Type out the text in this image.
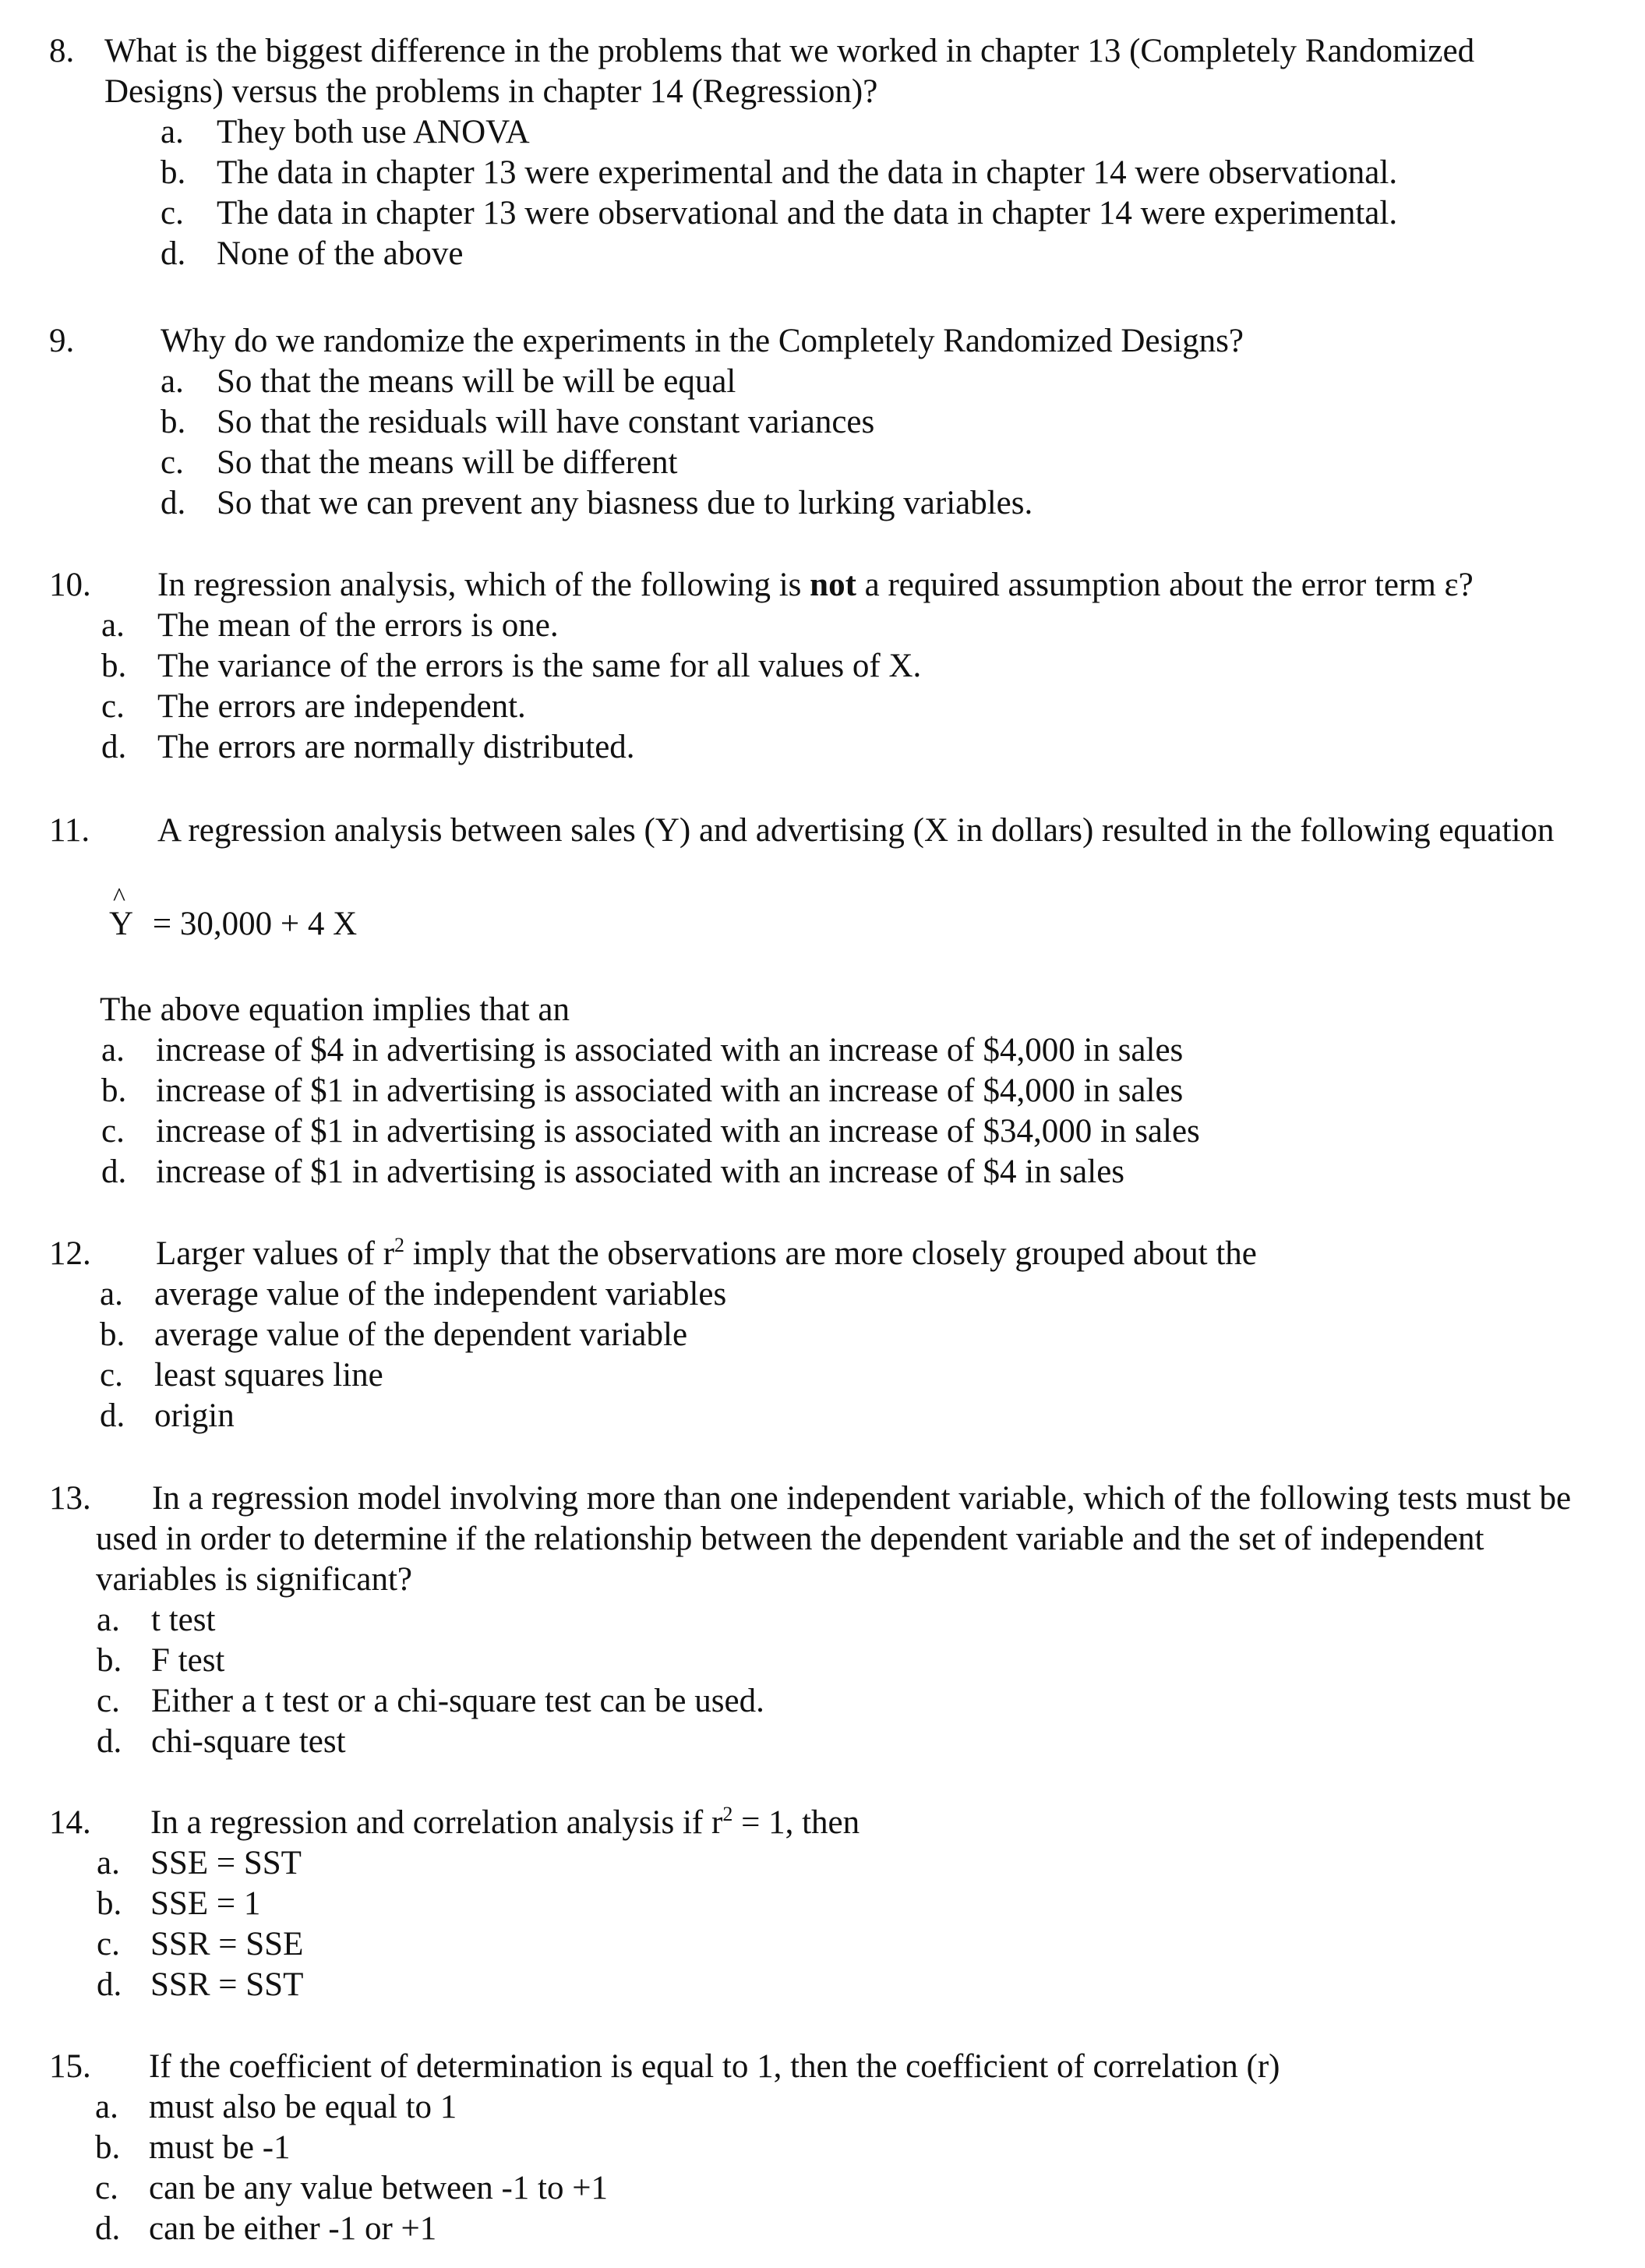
8. What is the biggest difference in the problems that we worked in chapter 13 (Completely Randomized
Designs) versus the problems in chapter 14 (Regression)?
a. They both use ANOVA
b. The data in chapter 13 were experimental and the data in chapter 14 were observational.
c. The data in chapter 13 were observational and the data in chapter 14 were experimental.
d. None of the above
9.	Why do we randomize the experiments in the Completely Randomized Designs?
a. So that the means will be will be equal
b. So that the residuals will have constant variances
c. So that the means will be different
d. So that we can prevent any biasness due to lurking variables.
10. In regression analysis, which of the following is not a required assumption about the error term ε?
a. The mean of the errors is one.
b. The variance of the errors is the same for all values of X.
c. The errors are independent.
d. The errors are normally distributed.
11. A regression analysis between sales (Y) and advertising (X in dollars) resulted in the following equation
^
Y = 30,000 + 4 X
The above equation implies that an
a. increase of $4 in advertising is associated with an increase of $4,000 in sales
b. increase of $1 in advertising is associated with an increase of $4,000 in sales
c. increase of $1 in advertising is associated with an increase of $34,000 in sales
d. increase of $1 in advertising is associated with an increase of $4 in sales
12. Larger values of $r^2$ imply that the observations are more closely grouped about the
a. average value of the independent variables
b. average value of the dependent variable
c. least squares line
d. origin
13. In a regression model involving more than one independent variable, which of the following tests must be
used in order to determine if the relationship between the dependent variable and the set of independent
variables is significant?
a. t test
b. F test
c. Either a t test or a chi-square test can be used.
d. chi-square test
14. In a regression and correlation analysis if $r^2 = 1$, then
a. SSE = SST
b. SSE = 1
c. SSR = SSE
d. SSR = SST
15. If the coefficient of determination is equal to 1, then the coefficient of correlation (r)
a. must also be equal to 1
b. must be -1
c. can be any value between -1 to +1
d. can be either -1 or +1
